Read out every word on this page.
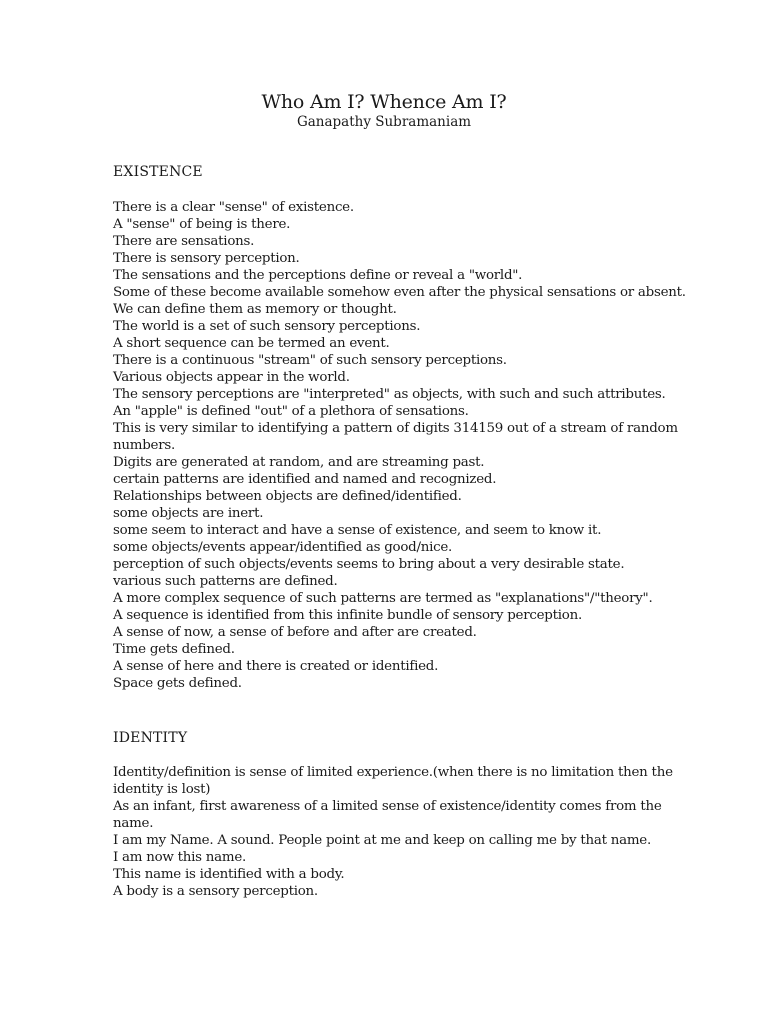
Who Am I? Whence Am I?
Ganapathy Subramaniam
EXISTENCE
There is a clear "sense" of existence.
A "sense" of being is there.
There are sensations.
There is sensory perception.
The sensations and the perceptions define or reveal a "world".
Some of these become available somehow even after the physical sensations or absent.
We can define them as memory or thought.
The world is a set of such sensory perceptions.
A short sequence can be termed an event.
There is a continuous "stream" of such sensory perceptions.
Various objects appear in the world.
The sensory perceptions are "interpreted" as objects, with such and such attributes.
An "apple" is defined "out" of a plethora of sensations.
This is very similar to identifying a pattern of digits 314159 out of a stream of random numbers.
Digits are generated at random, and are streaming past.
certain patterns are identified and named and recognized.
Relationships between objects are defined/identified.
some objects are inert.
some seem to interact and have a sense of existence, and seem to know it.
some objects/events appear/identified as good/nice.
perception of such objects/events seems to bring about a very desirable state.
various such patterns are defined.
A more complex sequence of such patterns are termed as "explanations"/"theory".
A sequence is identified from this infinite bundle of sensory perception.
A sense of now, a sense of before and after are created.
Time gets defined.
A sense of here and there is created or identified.
Space gets defined.
IDENTITY
Identity/definition is sense of limited experience.(when there is no limitation then the identity is lost)
As an infant, first awareness of a limited sense of existence/identity comes from the name.
I am my Name. A sound. People point at me and keep on calling me by that name.
I am now this name.
This name is identified with a body.
A body is a sensory perception.
